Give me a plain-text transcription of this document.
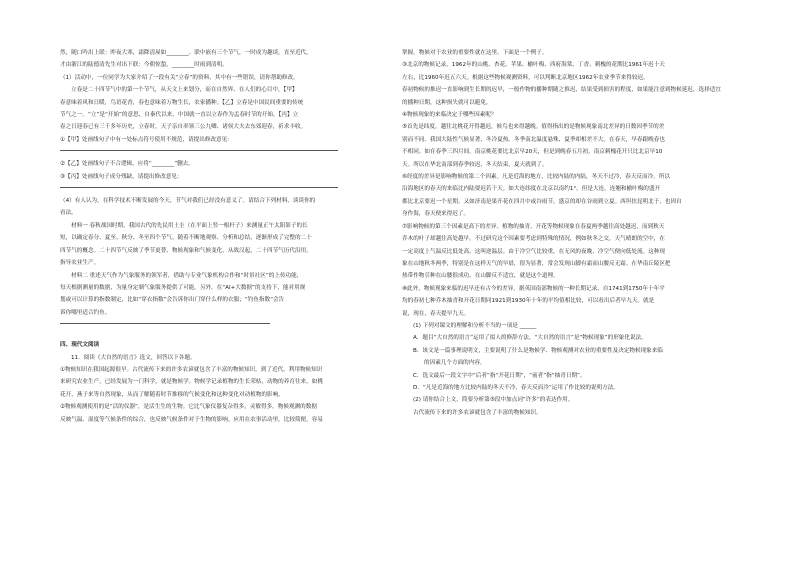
然，随口吟出上联：昨夜大寒，霜降清屋如________。联中嵌有三个节气，一时成为趣谈。直至近代，

才由浙江的陆德清先生对出下联：今朝惊蛰，________时雨到清明。

（1）活动中，一位同学为大家介绍了一段有关“立春”的资料，其中有一些错误，请你帮助修改。

立春是二十四节气中的第一个节气，从天文上来划分，而在自然界、在人们的心目中，【甲】

春意味着风和日暖，鸟语花香，春也意味着万物生长，农家播种。【乙】立春是中国民间重要的传统

节气之一。“立”是“开始”的意思，自秦代以来，中国就一直以立春作为孟春时节的开始。【丙】立

春之日迎春已有三千多年历史，立春时，天子亲自率领三公九卿、诸侯大夫去东郊迎春，祈求丰收。

①【甲】处画线句子中有一处标点符号使用不规范，请提出修改意见：

②【乙】处画线句子不合逻辑，应将“________”删去。

③【丙】处画线句子成分残缺，请提出修改意见：

（4）有人认为，在科学技术不断发展的今天，节气对我们已经没有意义了。请结合下列材料，谈谈你的

看法。

材料一 春秋战国时期，我国古代的先民用土圭（在平面上竖一根杆子）来测量正午太阳影子的长

短，以确定春分、夏至、秋分、冬至四个节气。随着不断地观察、分析和总结，逐渐形成了完整的二十

四节气的概念。二十四节气反映了季节更替、物候现象和气候变化，从战汉起，二十四节气历代沿用，

指导农业生产。

材料二 重述天气作为气象服务的领军者，借助与专业气象机构合作和“时景社区”的上传功能，

每天根据测量的数据，为量身定制气象服务提供了可能。另外，在“AI+大数据”的支持下，能对用规

划或可以计算的指数制定，比如“穿衣指数”会告诉你出门穿什么样的衣服；“钓鱼指数”会告

诉你哪里适合钓鱼。

四、现代文阅读

11．阅读《大自然的语言》选文，回答以下各题。

①物候知识在我国起源很早。古代流传下来的许多农谚就包含了丰富的物候知识。到了近代，利用物候知识

来研究农业生产，已经发展为一门科学，就是物候学。物候学记录植物的生长荣枯，动物的养育往来，如桃

花开、燕子来等自然现象，从而了解随着时节推移的气候变化和这种变化对动植物的影响。

②物候观测使用的是“活的仪器”，是活生生的生物。它比气象仪器复杂得多，灵敏得多。物候观测的数据

反映气温、湿度等气候条件的综合，也反映气候条件对于生物的影响。应用在农事活动里，比较简便，容易

掌握。物候对于农业的重要性就在这里。下面是一个例子。

③北京的物候记录，1962年的山桃、杏花、苹果、榆叶梅、西府海棠、丁香、刺槐的花期比1961年迟十天

左右，比1960年迟五六天。根据这些物候观测资料，可以判断北京地区1962年农业季节来得较迟。

春初物候的推迟一直影响到生长期的迟早，一般作物的播种期随之推迟，结果受到损害的程度，如果能注意到物候延迟，选择适宜

的播种日期，这种损失就可以避免。

④物候现象的来临决定于哪些因素呢？

⑤首先是纬度。越往北桃花开得越迟，候鸟也来得越晚。值得指出的是物候现象南北差异的日数因季节的差

别而不同。我国大陆性气候显著，冬冷夏热。冬季南北温度悬殊，夏季却相差不大。在春天，早春跟晚春也

不相同。如在春季三四月间，南京桃花要比北京早20天，但是到晚春五月初，南京刺槐花开只比北京早10

天。所以在华北南部到春季较迟，冬天结束，夏天就到了。

⑥经度的差异是影响物候的第二个因素。凡是近海的地方，比较内陆的内陆，冬天不过冷，春天反而冷。所以

沿海地区的春天的来临比内陆要迟若干天。如大连纬度在北京以南约1°，但是大连，连翘和榆叶梅的盛开

都比北京要迟一个星期。又如济南是果开花在四月中或谷雨节，盛京的却在谷雨到立夏。西坦扶昆明北于，也因自

身作海，春天便来得迟了。

⑦影响物候的第三个因素是高下的差异。植物的抽青、开花等物候现象在春夏两季越往高处越迟，而到秋天

乔木的叶子却越往高处越早。不过研究这个因素要考虑到特殊的情况，例如秋冬之交，天气晴朗的空中，在

一定高度上气温反比低处高。这叫逆温层。由于冷空气比较重，在无风的夜晚，冷空气便向低处流。这种现

象在山地秋冬两季，特别是在这样天气的早晨，很为显著，常会发现山脚有霜而山腰反无霜。在华南丘陵区把

热带作物引种在山腰很成功，在山脚反不适宜，就是这个道理。

⑧此外，物候现象来临的迟早还有古今的差异。据英国南部物候的一种长期记录，自1741到1750年十年平

均的春初七种乔木抽青和开花日期同1921到1930年十年的平均值相比较，可以看出后者早九天。就是

说，现在，春天提早九天。

(1) 下列对课文的理解和分析不当的一项是 ______

A．题目“大自然的语言”运用了拟人的修辞方法。“大自然的语言”是“物候现象”的形象化说法。

B．该文是一篇事理说明文，主要说明了什么是物候学、物候观测对农业的重要性及决定物候现象来临

的因素几个方面的内容。

C．选文最后一段文字中“后者”指“开花日期”，“前者”指“抽青日期”。

D．“凡是近海的地方比较内陆的冬天不冷，春天反而冷”运用了作比较的说明方法。

(2) 请你结合上文，简要分析第⑤段中加点词“许多”的表达作用。

古代流传下来的许多农谚就包含了丰富的物候知识。
